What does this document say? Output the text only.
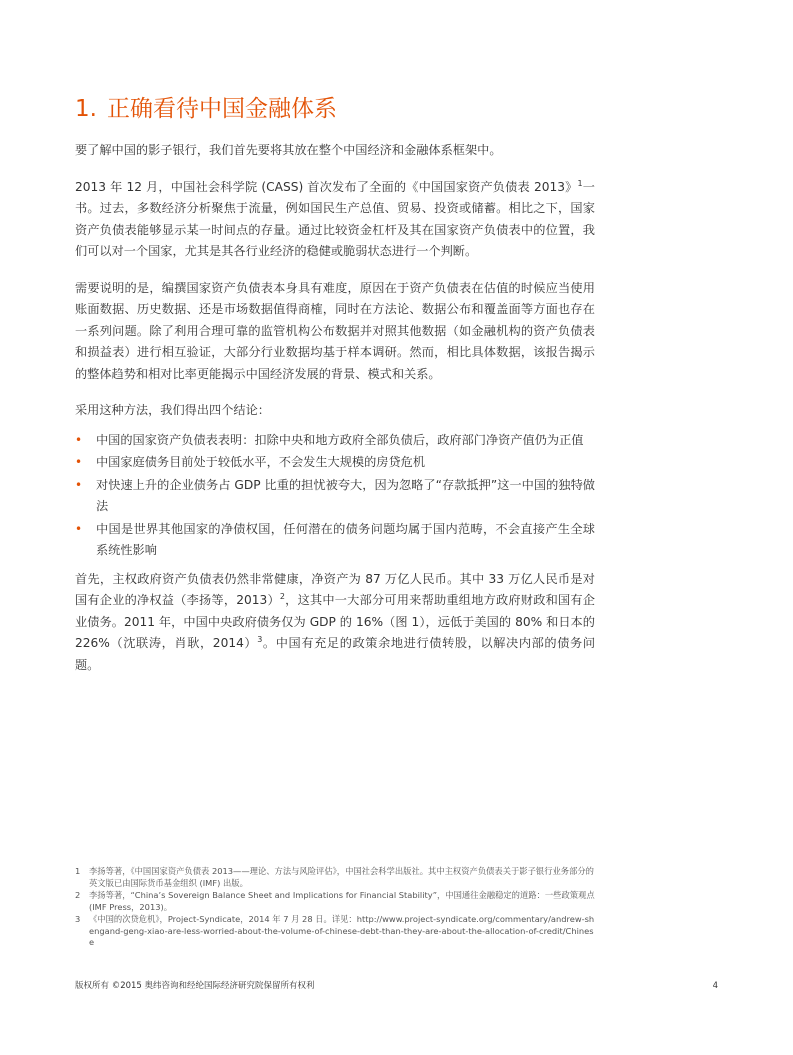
1. 正确看待中国金融体系

要了解中国的影子银行，我们首先要将其放在整个中国经济和金融体系框架中。

2013 年 12 月，中国社会科学院 (CASS) 首次发布了全面的《中国国家资产负债表 2013》$^1$一书。过去，多数经济分析聚焦于流量，例如国民生产总值、贸易、投资或储蓄。相比之下，国家资产负债表能够显示某一时间点的存量。通过比较资金杠杆及其在国家资产负债表中的位置，我们可以对一个国家，尤其是其各行业经济的稳健或脆弱状态进行一个判断。

需要说明的是，编撰国家资产负债表本身具有难度，原因在于资产负债表在估值的时候应当使用账面数据、历史数据、还是市场数据值得商榷，同时在方法论、数据公布和覆盖面等方面也存在一系列问题。除了利用合理可靠的监管机构公布数据并对照其他数据（如金融机构的资产负债表和损益表）进行相互验证，大部分行业数据均基于样本调研。然而，相比具体数据，该报告揭示的整体趋势和相对比率更能揭示中国经济发展的背景、模式和关系。

采用这种方法，我们得出四个结论：

• 中国的国家资产负债表表明：扣除中央和地方政府全部负债后，政府部门净资产值仍为正值
• 中国家庭债务目前处于较低水平，不会发生大规模的房贷危机
• 对快速上升的企业债务占 GDP 比重的担忧被夸大，因为忽略了“存款抵押”这一中国的独特做法
• 中国是世界其他国家的净债权国，任何潜在的债务问题均属于国内范畴，不会直接产生全球系统性影响

首先，主权政府资产负债表仍然非常健康，净资产为 87 万亿人民币。其中 33 万亿人民币是对国有企业的净权益（李扬等，2013）$^2$，这其中一大部分可用来帮助重组地方政府财政和国有企业债务。2011 年，中国中央政府债务仅为 GDP 的 16%（图 1），远低于美国的 80% 和日本的 226%（沈联涛，肖耿，2014）$^3$。中国有充足的政策余地进行债转股，以解决内部的债务问题。

1 李扬等著，《中国国家资产负债表 2013——理论、方法与风险评估》，中国社会科学出版社。其中主权资产负债表关于影子银行业务部分的英文版已由国际货币基金组织 (IMF) 出版。
2 李扬等著，“China’s Sovereign Balance Sheet and Implications for Financial Stability”，中国通往金融稳定的道路：一些政策观点 (IMF Press，2013)。
3 《中国的次贷危机》，Project-Syndicate，2014 年 7 月 28 日。详见：http://www.project-syndicate.org/commentary/andrew-shengand-geng-xiao-are-less-worried-about-the-volume-of-chinese-debt-than-they-are-about-the-allocation-of-credit/Chinese
版权所有 ©2015 奥纬咨询和经纶国际经济研究院保留所有权利	4
